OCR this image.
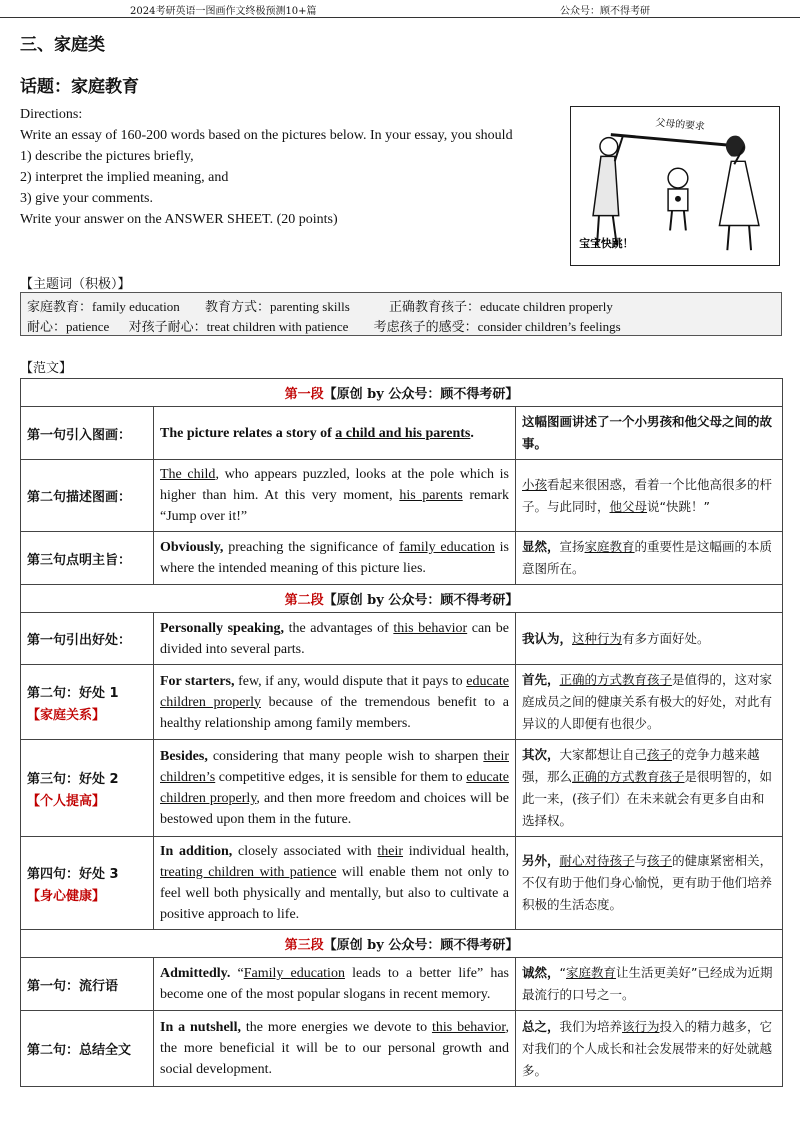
2024考研英语一图画作文终极预测10+篇	公众号：顾不得考研
三、家庭类
话题：家庭教育
Directions:
Write an essay of 160-200 words based on the pictures below. In your essay, you should
1) describe the pictures briefly,
2) interpret the implied meaning, and
3) give your comments.
Write your answer on the ANSWER SHEET. (20 points)
父母的要求
宝宝快跳！
【主题词（积极）】
家庭教育：family education 教育方式：parenting skills	正确教育孩子：educate children properly
耐心：patience 对孩子耐心：treat children with patience 考虑孩子的感受：consider children’s feelings
【范文】
第一段【原创 by 公众号：顾不得考研】		
第一句引入图画：	The picture relates a story of a child and his parents.	这幅图画讲述了一个小男孩和他父母之间的故事。
第二句描述图画：	The child, who appears puzzled, looks at the pole which is higher than him. At this very moment, his parents remark “Jump over it!”	小孩看起来很困惑，看着一个比他高很多的杆子。与此同时，他父母说“快跳！”
第三句点明主旨：	Obviously, preaching the significance of family education is where the intended meaning of this picture lies.	显然，宣扬家庭教育的重要性是这幅画的本质意图所在。
第二段【原创 by 公众号：顾不得考研】		
第一句引出好处：	Personally speaking, the advantages of this behavior can be divided into several parts.	我认为，这种行为有多方面好处。
第二句：好处 1
【家庭关系】	For starters, few, if any, would dispute that it pays to educate children properly because of the tremendous benefit to a healthy relationship among family members.	首先，正确的方式教育孩子是值得的，这对家庭成员之间的健康关系有极大的好处，对此有异议的人即便有也很少。
第三句：好处 2
【个人提高】	Besides, considering that many people wish to sharpen their children’s competitive edges, it is sensible for them to educate children properly, and then more freedom and choices will be bestowed upon them in the future.	其次，大家都想让自己孩子的竞争力越来越强，那么正确的方式教育孩子是很明智的，如此一来，(孩子们）在未来就会有更多自由和选择权。
第四句：好处 3
【身心健康】	In addition, closely associated with their individual health, treating children with patience will enable them not only to feel well both physically and mentally, but also to cultivate a positive approach to life.	另外，耐心对待孩子与孩子的健康紧密相关，不仅有助于他们身心愉悦，更有助于他们培养积极的生活态度。
第三段【原创 by 公众号：顾不得考研】		
第一句：流行语	Admittedly. “Family education leads to a better life” has become one of the most popular slogans in recent memory.	诚然，“家庭教育让生活更美好”已经成为近期最流行的口号之一。
第二句：总结全文	In a nutshell, the more energies we devote to this behavior, the more beneficial it will be to our personal growth and social development.	总之，我们为培养该行为投入的精力越多，它对我们的个人成长和社会发展带来的好处就越多。
